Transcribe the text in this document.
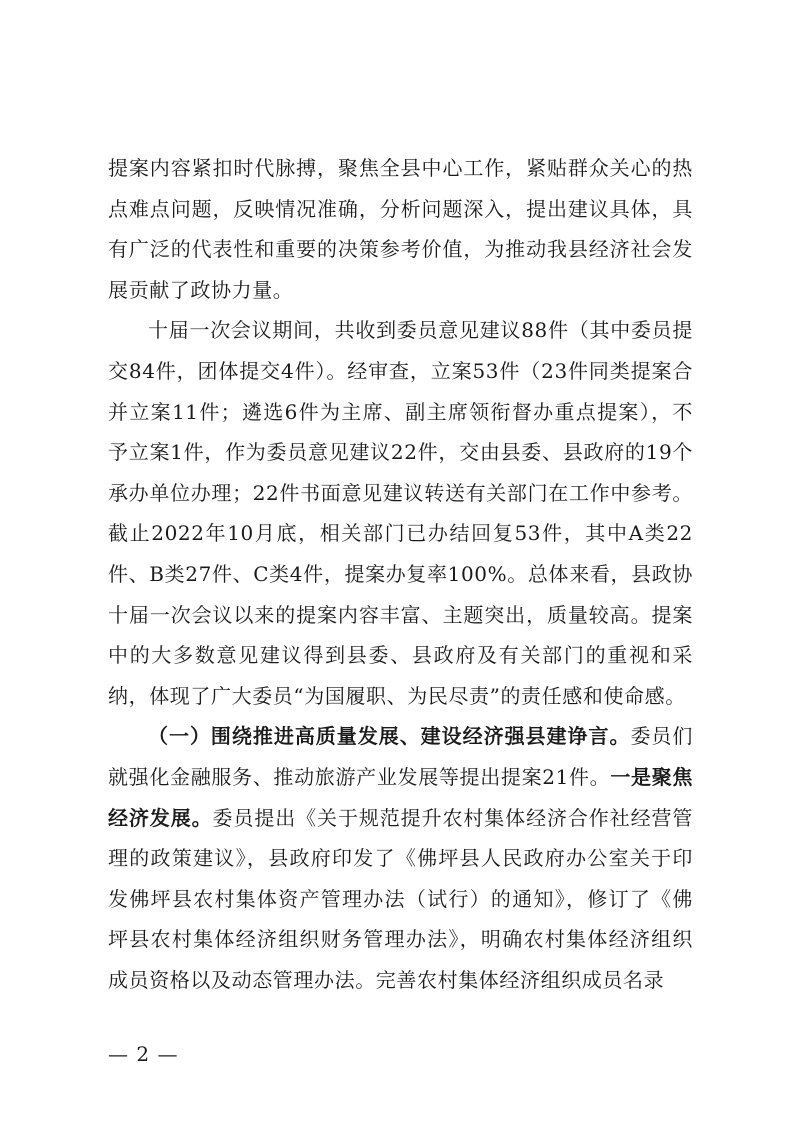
提案内容紧扣时代脉搏，聚焦全县中心工作，紧贴群众关心的热点难点问题，反映情况准确，分析问题深入，提出建议具体，具有广泛的代表性和重要的决策参考价值，为推动我县经济社会发展贡献了政协力量。

十届一次会议期间，共收到委员意见建议88件（其中委员提交84件，团体提交4件）。经审查，立案53件（23件同类提案合并立案11件；遴选6件为主席、副主席领衔督办重点提案），不予立案1件，作为委员意见建议22件，交由县委、县政府的19个承办单位办理；22件书面意见建议转送有关部门在工作中参考。截止2022年10月底，相关部门已办结回复53件，其中A类22件、B类27件、C类4件，提案办复率100%。总体来看，县政协十届一次会议以来的提案内容丰富、主题突出，质量较高。提案中的大多数意见建议得到县委、县政府及有关部门的重视和采纳，体现了广大委员“为国履职、为民尽责”的责任感和使命感。

（一）围绕推进高质量发展、建设经济强县建诤言。委员们就强化金融服务、推动旅游产业发展等提出提案21件。一是聚焦经济发展。委员提出《关于规范提升农村集体经济合作社经营管理的政策建议》，县政府印发了《佛坪县人民政府办公室关于印发佛坪县农村集体资产管理办法（试行）的通知》，修订了《佛坪县农村集体经济组织财务管理办法》，明确农村集体经济组织成员资格以及动态管理办法。完善农村集体经济组织成员名录

— 2 —
